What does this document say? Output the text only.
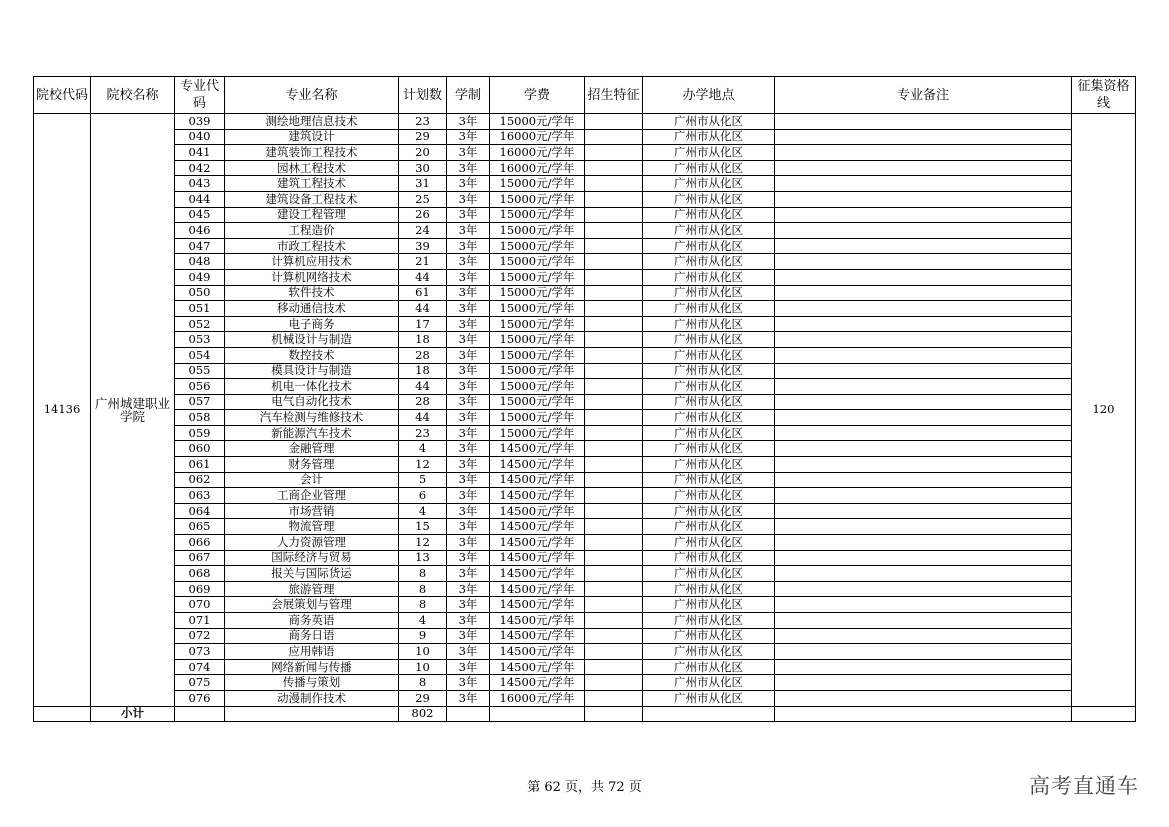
院校代码	院校名称	专业代码	专业名称	计划数	学制	学费	招生特征	办学地点	专业备注	征集资格线
14136	广州城建职业学院	039	测绘地理信息技术	23	3年	15000元/学年		广州市从化区		120
		040	建筑设计	29	3年	16000元/学年		广州市从化区		
		041	建筑装饰工程技术	20	3年	16000元/学年		广州市从化区		
		042	园林工程技术	30	3年	16000元/学年		广州市从化区		
		043	建筑工程技术	31	3年	15000元/学年		广州市从化区		
		044	建筑设备工程技术	25	3年	15000元/学年		广州市从化区		
		045	建设工程管理	26	3年	15000元/学年		广州市从化区		
		046	工程造价	24	3年	15000元/学年		广州市从化区		
		047	市政工程技术	39	3年	15000元/学年		广州市从化区		
		048	计算机应用技术	21	3年	15000元/学年		广州市从化区		
		049	计算机网络技术	44	3年	15000元/学年		广州市从化区		
		050	软件技术	61	3年	15000元/学年		广州市从化区		
		051	移动通信技术	44	3年	15000元/学年		广州市从化区		
		052	电子商务	17	3年	15000元/学年		广州市从化区		
		053	机械设计与制造	18	3年	15000元/学年		广州市从化区		
		054	数控技术	28	3年	15000元/学年		广州市从化区		
		055	模具设计与制造	18	3年	15000元/学年		广州市从化区		
		056	机电一体化技术	44	3年	15000元/学年		广州市从化区		
		057	电气自动化技术	28	3年	15000元/学年		广州市从化区		
		058	汽车检测与维修技术	44	3年	15000元/学年		广州市从化区		
		059	新能源汽车技术	23	3年	15000元/学年		广州市从化区		
		060	金融管理	4	3年	14500元/学年		广州市从化区		
		061	财务管理	12	3年	14500元/学年		广州市从化区		
		062	会计	5	3年	14500元/学年		广州市从化区		
		063	工商企业管理	6	3年	14500元/学年		广州市从化区		
		064	市场营销	4	3年	14500元/学年		广州市从化区		
		065	物流管理	15	3年	14500元/学年		广州市从化区		
		066	人力资源管理	12	3年	14500元/学年		广州市从化区		
		067	国际经济与贸易	13	3年	14500元/学年		广州市从化区		
		068	报关与国际货运	8	3年	14500元/学年		广州市从化区		
		069	旅游管理	8	3年	14500元/学年		广州市从化区		
		070	会展策划与管理	8	3年	14500元/学年		广州市从化区		
		071	商务英语	4	3年	14500元/学年		广州市从化区		
		072	商务日语	9	3年	14500元/学年		广州市从化区		
		073	应用韩语	10	3年	14500元/学年		广州市从化区		
		074	网络新闻与传播	10	3年	14500元/学年		广州市从化区		
		075	传播与策划	8	3年	14500元/学年		广州市从化区		
		076	动漫制作技术	29	3年	16000元/学年		广州市从化区		
	小计			802						
第 62 页，共 72 页	高考直通车
